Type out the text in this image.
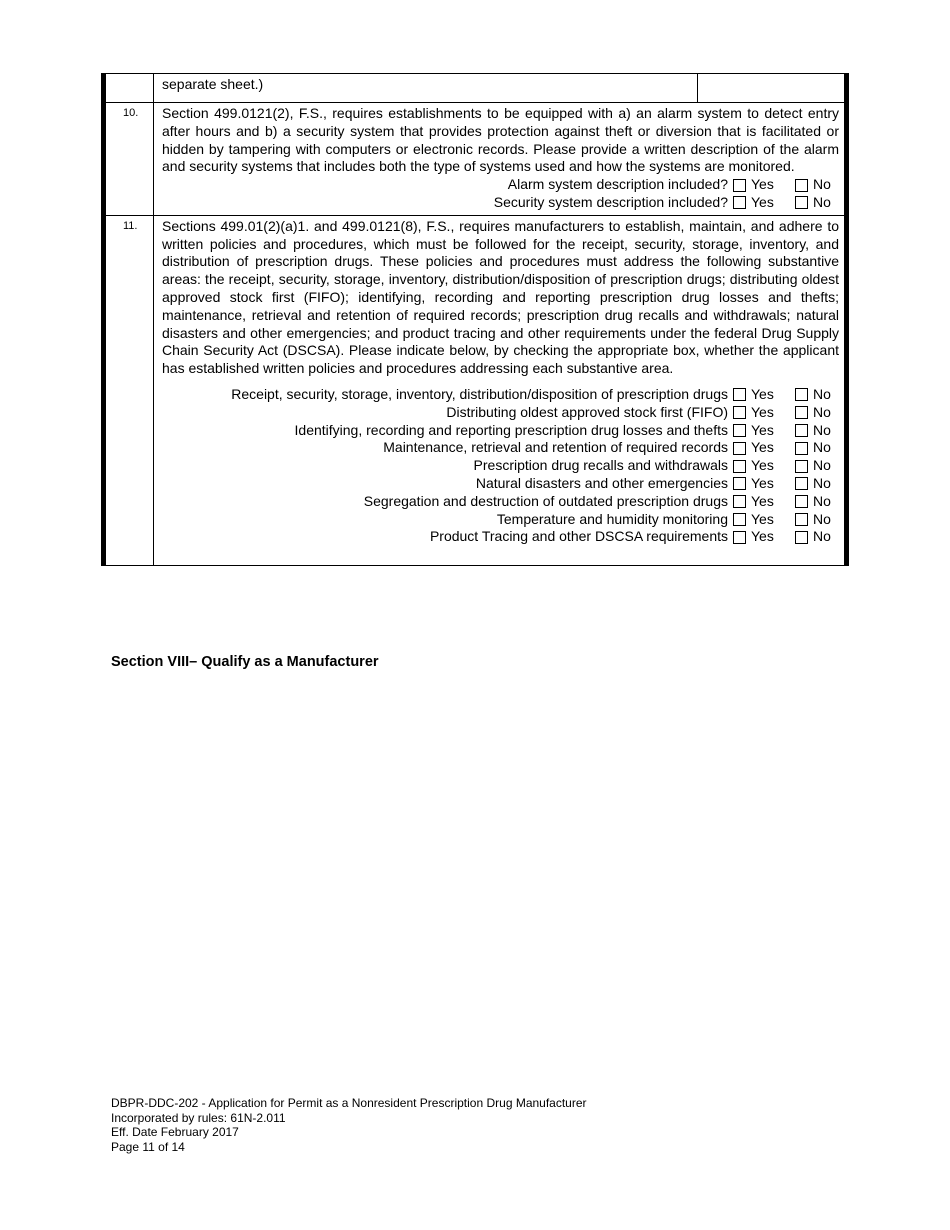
separate sheet.)
10.	Section 499.0121(2), F.S., requires establishments to be equipped with a) an alarm system to detect entry after hours and b) a security system that provides protection against theft or diversion that is facilitated or hidden by tampering with computers or electronic records. Please provide a written description of the alarm and security systems that includes both the type of systems used and how the systems are monitored.
Alarm system description included? Yes	No
Security system description included? Yes	No
11.	Sections 499.01(2)(a)1. and 499.0121(8), F.S., requires manufacturers to establish, maintain, and adhere to written policies and procedures, which must be followed for the receipt, security, storage, inventory, and distribution of prescription drugs. These policies and procedures must address the following substantive areas: the receipt, security, storage, inventory, distribution/disposition of prescription drugs; distributing oldest approved stock first (FIFO); identifying, recording and reporting prescription drug losses and thefts; maintenance, retrieval and retention of required records; prescription drug recalls and withdrawals; natural disasters and other emergencies; and product tracing and other requirements under the federal Drug Supply Chain Security Act (DSCSA). Please indicate below, by checking the appropriate box, whether the applicant has established written policies and procedures addressing each substantive area.
Receipt, security, storage, inventory, distribution/disposition of prescription drugs Yes	No
Distributing oldest approved stock first (FIFO) Yes	No
Identifying, recording and reporting prescription drug losses and thefts Yes	No
Maintenance, retrieval and retention of required records Yes	No
Prescription drug recalls and withdrawals Yes	No
Natural disasters and other emergencies Yes	No
Segregation and destruction of outdated prescription drugs Yes	No
Temperature and humidity monitoring Yes	No
Product Tracing and other DSCSA requirements Yes	No
Section VIII– Qualify as a Manufacturer
DBPR-DDC-202 - Application for Permit as a Nonresident Prescription Drug Manufacturer
Incorporated by rules: 61N-2.011
Eff. Date February 2017
Page 11 of 14
